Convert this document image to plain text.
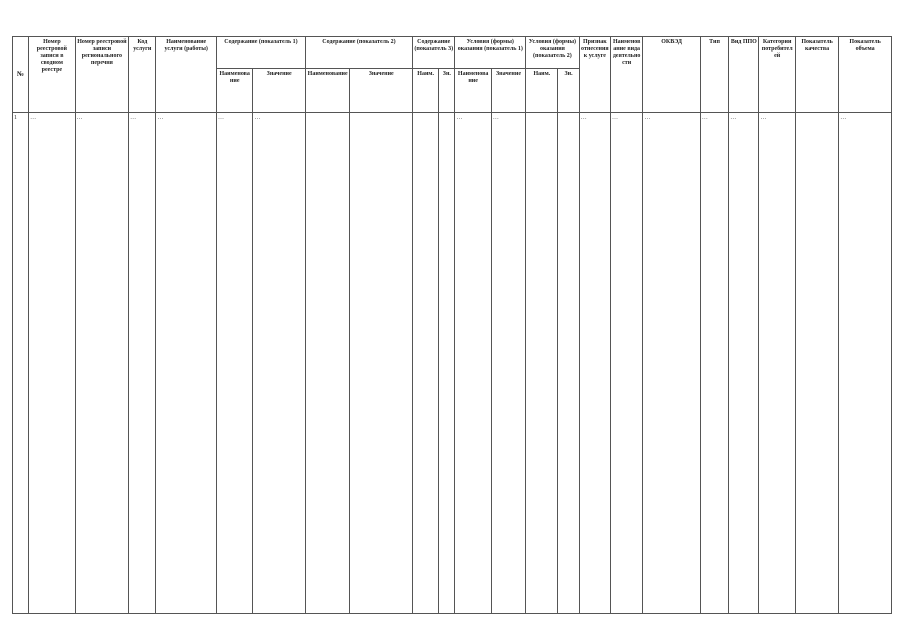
№	Номер реестровой записи в сводном реестре	Номер реестровой записи регионального перечня	Код услуги	Наименование услуги (работы)	Содержание (показатель 1)		Содержание (показатель 2)		Содержание (показатель 3)		Условия (формы) оказания (показатель 1)		Условия (формы) оказания (показатель 2)		Признак отнесения к услуге	Наименование вида деятельности	ОКВЭД	Тип	Вид ППО	Категории потребителей	Показатель качества	Показатель объема
					Наименование	Значение	Наименование	Значение	Наим.	Зн.	Наименование	Значение	Наим.	Зн.								
1	…	…	…	…	…	…					…	…			…	…	…	…	…	…		…
